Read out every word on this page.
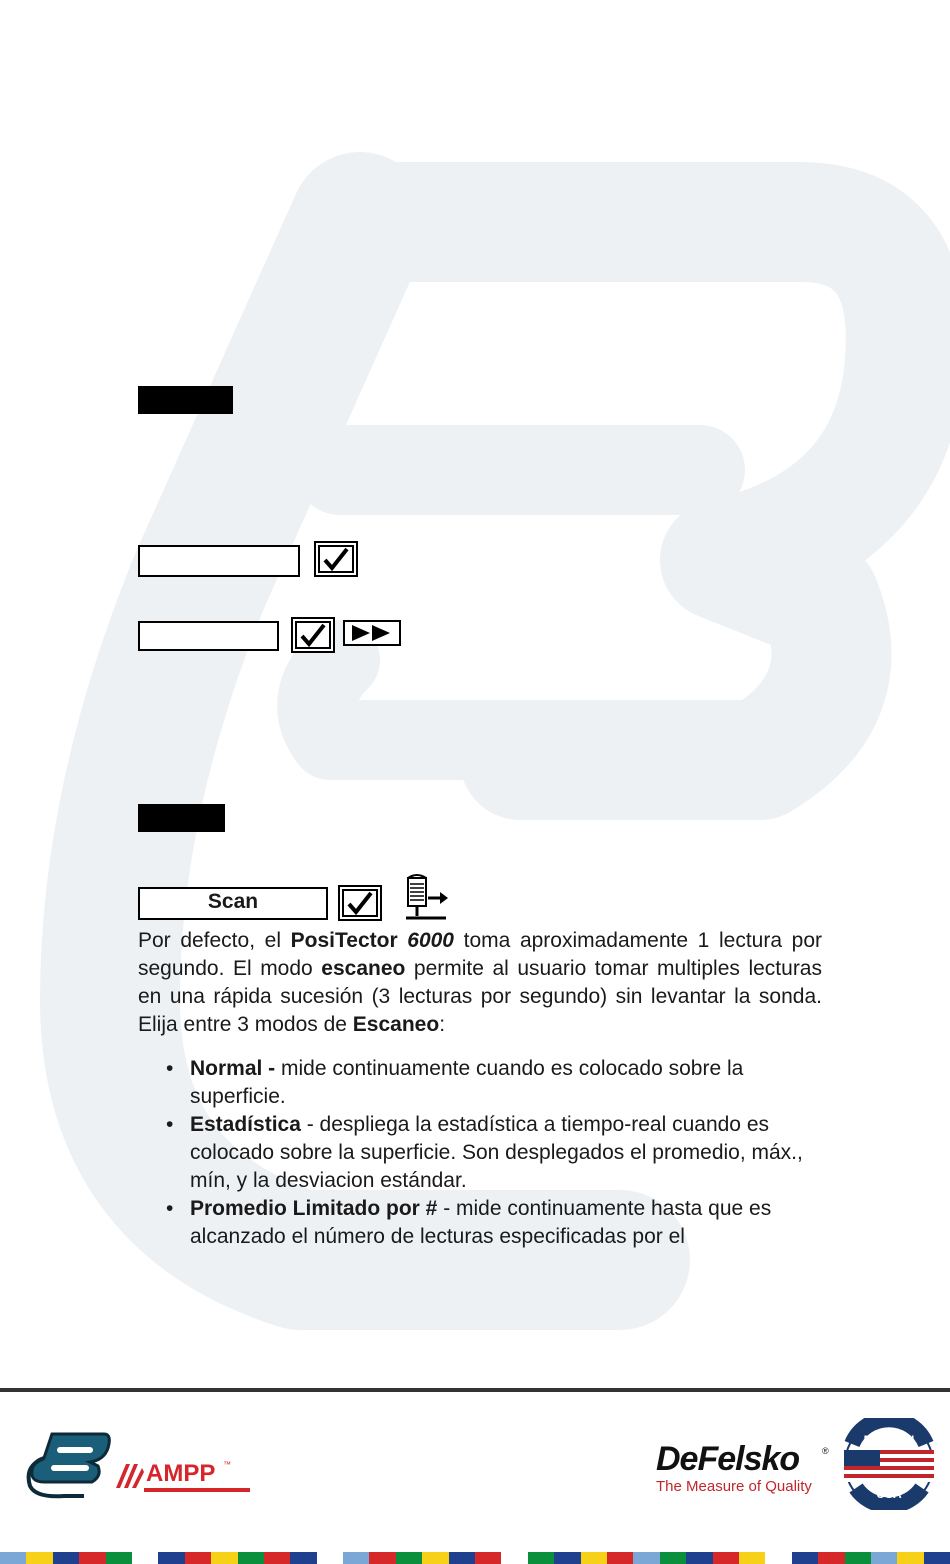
Scan
Por defecto, el PosiTector 6000 toma aproximadamente 1 lectura por segundo. El modo escaneo permite al usuario tomar multiples lecturas en una rápida sucesión (3 lecturas por segundo) sin levantar la sonda. Elija entre 3 modos de Escaneo:
• Normal - mide continuamente cuando es colocado sobre la superficie.
• Estadística - despliega la estadística a tiempo-real cuando es colocado sobre la superficie. Son desplegados el promedio, máx., mín, y la desviacion estándar.
• Promedio Limitado por # - mide continuamente hasta que es alcanzado el número de lecturas especificadas por el
AMPP ™	DeFelsko	®
The Measure of Quality
MADE IN
USA
